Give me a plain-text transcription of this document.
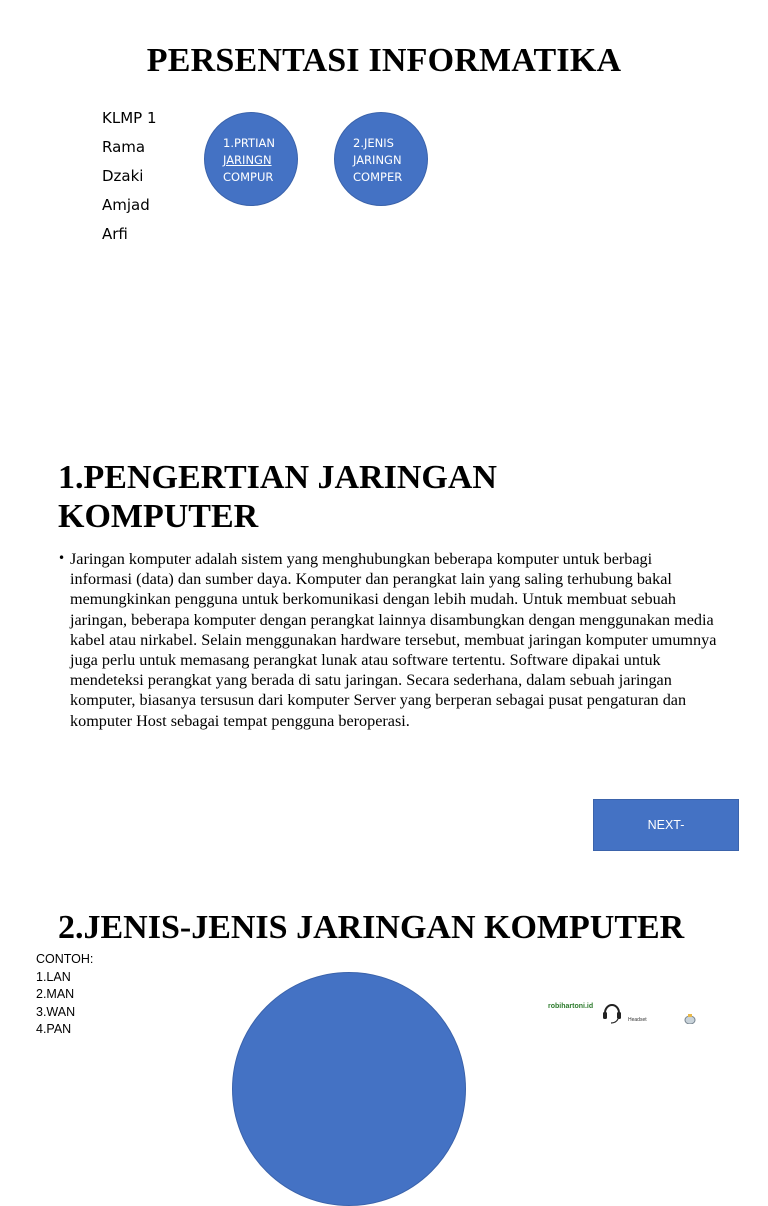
PERSENTASI INFORMATIKA
KLMP 1
Rama
Dzaki
Amjad
Arfi
1.PRTIAN
JARINGN
COMPUR
2.JENIS
JARINGN
COMPER
1.PENGERTIAN JARINGAN
KOMPUTER
• Jaringan komputer adalah sistem yang menghubungkan beberapa komputer untuk berbagi informasi (data) dan sumber daya. Komputer dan perangkat lain yang saling terhubung bakal memungkinkan pengguna untuk berkomunikasi dengan lebih mudah. Untuk membuat sebuah jaringan, beberapa komputer dengan perangkat lainnya disambungkan dengan menggunakan media kabel atau nirkabel. Selain menggunakan hardware tersebut, membuat jaringan komputer umumnya juga perlu untuk memasang perangkat lunak atau software tertentu. Software dipakai untuk mendeteksi perangkat yang berada di satu jaringan. Secara sederhana, dalam sebuah jaringan komputer, biasanya tersusun dari komputer Server yang berperan sebagai pusat pengaturan dan komputer Host sebagai tempat pengguna beroperasi.
NEXT-
2.JENIS-JENIS JARINGAN KOMPUTER
CONTOH:
1.LAN
2.MAN
3.WAN
4.PAN
robihartoni.id
Headset
